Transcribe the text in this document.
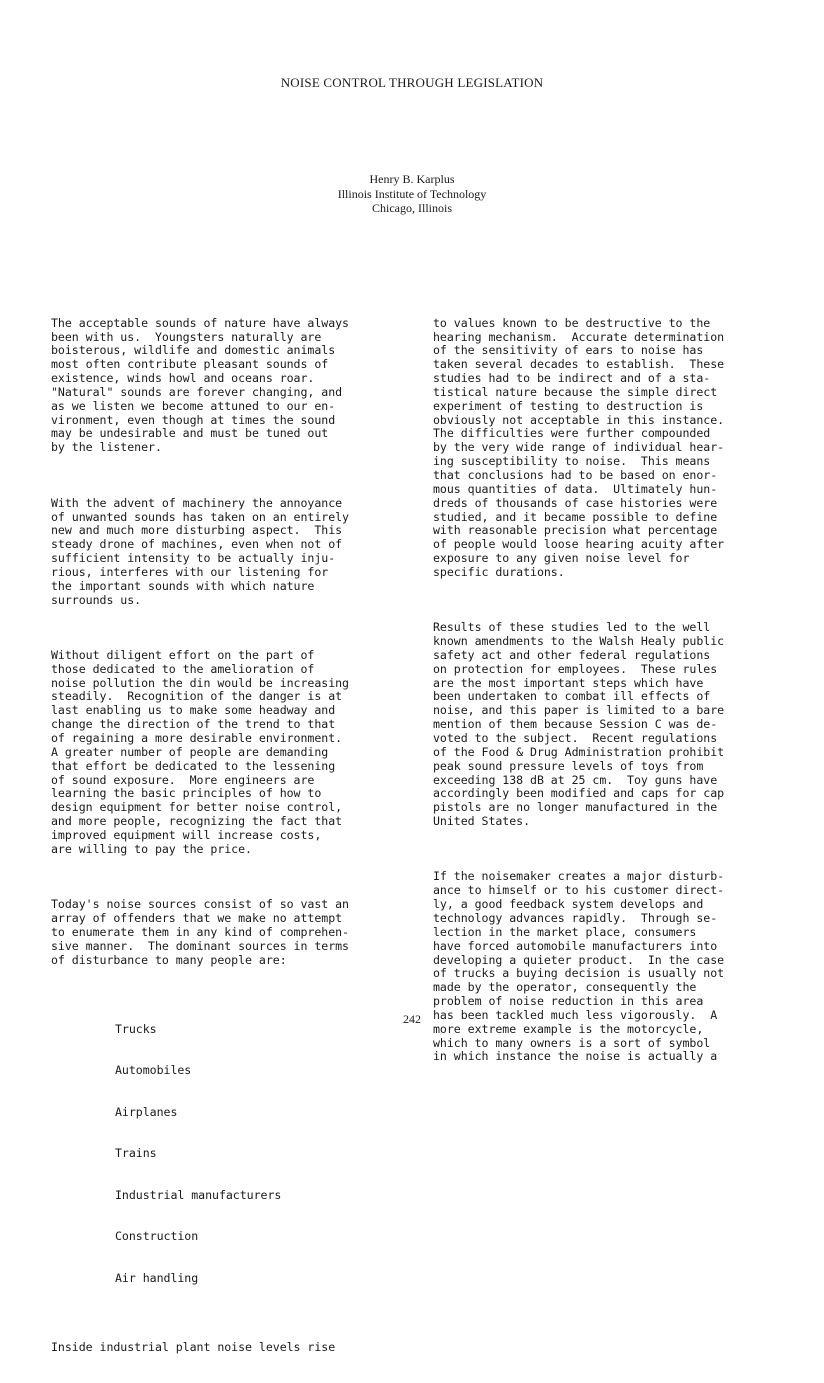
NOISE CONTROL THROUGH LEGISLATION
Henry B. Karplus
Illinois Institute of Technology
Chicago, Illinois

The acceptable sounds of nature have always
been with us.  Youngsters naturally are
boisterous, wildlife and domestic animals
most often contribute pleasant sounds of
existence, winds howl and oceans roar.
"Natural" sounds are forever changing, and
as we listen we become attuned to our en-
vironment, even though at times the sound
may be undesirable and must be tuned out
by the listener.

With the advent of machinery the annoyance
of unwanted sounds has taken on an entirely
new and much more disturbing aspect.  This
steady drone of machines, even when not of
sufficient intensity to be actually inju-
rious, interferes with our listening for
the important sounds with which nature
surrounds us.

Without diligent effort on the part of
those dedicated to the amelioration of
noise pollution the din would be increasing
steadily.  Recognition of the danger is at
last enabling us to make some headway and
change the direction of the trend to that
of regaining a more desirable environment.
A greater number of people are demanding
that effort be dedicated to the lessening
of sound exposure.  More engineers are
learning the basic principles of how to
design equipment for better noise control,
and more people, recognizing the fact that
improved equipment will increase costs,
are willing to pay the price.

Today's noise sources consist of so vast an
array of offenders that we make no attempt
to enumerate them in any kind of comprehen-
sive manner.  The dominant sources in terms
of disturbance to many people are:

Trucks

Automobiles

Airplanes

Trains

Industrial manufacturers

Construction

Air handling

Inside industrial plant noise levels rise

to values known to be destructive to the
hearing mechanism.  Accurate determination
of the sensitivity of ears to noise has
taken several decades to establish.  These
studies had to be indirect and of a sta-
tistical nature because the simple direct
experiment of testing to destruction is
obviously not acceptable in this instance.
The difficulties were further compounded
by the very wide range of individual hear-
ing susceptibility to noise.  This means
that conclusions had to be based on enor-
mous quantities of data.  Ultimately hun-
dreds of thousands of case histories were
studied, and it became possible to define
with reasonable precision what percentage
of people would loose hearing acuity after
exposure to any given noise level for
specific durations.

Results of these studies led to the well
known amendments to the Walsh Healy public
safety act and other federal regulations
on protection for employees.  These rules
are the most important steps which have
been undertaken to combat ill effects of
noise, and this paper is limited to a bare
mention of them because Session C was de-
voted to the subject.  Recent regulations
of the Food & Drug Administration prohibit
peak sound pressure levels of toys from
exceeding 138 dB at 25 cm.  Toy guns have
accordingly been modified and caps for cap
pistols are no longer manufactured in the
United States.

If the noisemaker creates a major disturb-
ance to himself or to his customer direct-
ly, a good feedback system develops and
technology advances rapidly.  Through se-
lection in the market place, consumers
have forced automobile manufacturers into
developing a quieter product.  In the case
of trucks a buying decision is usually not
made by the operator, consequently the
problem of noise reduction in this area
has been tackled much less vigorously.  A
more extreme example is the motorcycle,
which to many owners is a sort of symbol
in which instance the noise is actually a

242
